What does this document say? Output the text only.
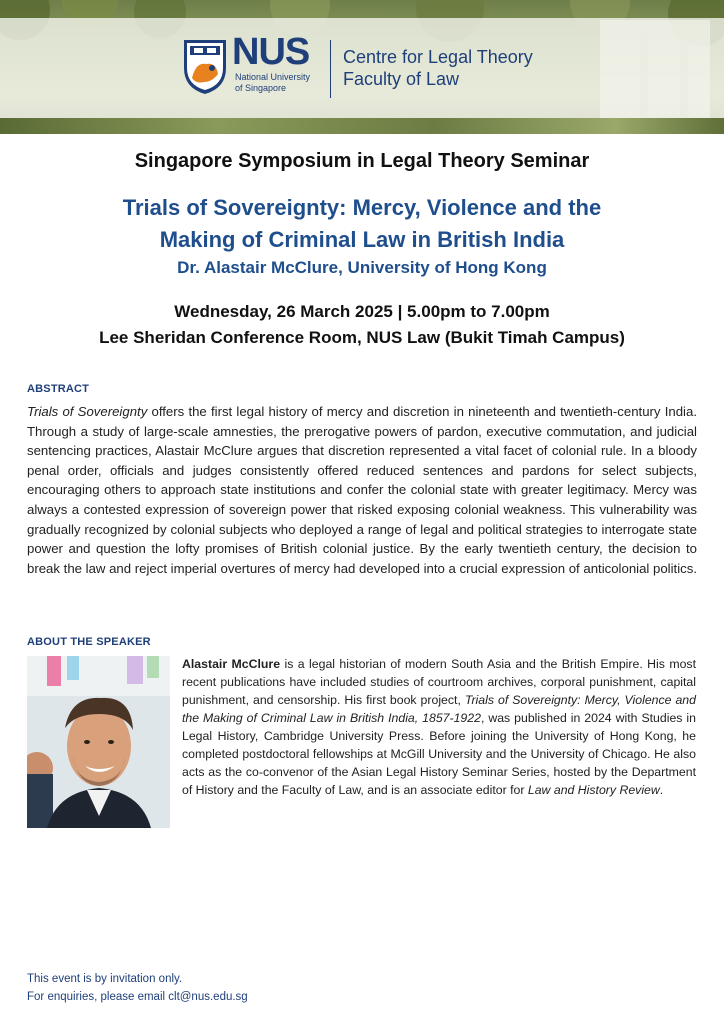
NUS
National University
of Singapore
Centre for Legal Theory
Faculty of Law
Singapore Symposium in Legal Theory Seminar
Trials of Sovereignty: Mercy, Violence and the
Making of Criminal Law in British India
Dr. Alastair McClure, University of Hong Kong
Wednesday, 26 March 2025 | 5.00pm to 7.00pm
Lee Sheridan Conference Room, NUS Law (Bukit Timah Campus)
ABSTRACT
Trials of Sovereignty offers the first legal history of mercy and discretion in nineteenth and twentieth-century India. Through a study of large-scale amnesties, the prerogative powers of pardon, executive commutation, and judicial sentencing practices, Alastair McClure argues that discretion represented a vital facet of colonial rule. In a bloody penal order, officials and judges consistently offered reduced sentences and pardons for select subjects, encouraging others to approach state institutions and confer the colonial state with greater legitimacy. Mercy was always a contested expression of sovereign power that risked exposing colonial weakness. This vulnerability was gradually recognized by colonial subjects who deployed a range of legal and political strategies to interrogate state power and question the lofty promises of British colonial justice. By the early twentieth century, the decision to break the law and reject imperial overtures of mercy had developed into a crucial expression of anticolonial politics.
ABOUT THE SPEAKER
Alastair McClure is a legal historian of modern South Asia and the British Empire. His most recent publications have included studies of courtroom archives, corporal punishment, capital punishment, and censorship. His first book project, Trials of Sovereignty: Mercy, Violence and the Making of Criminal Law in British India, 1857-1922, was published in 2024 with Studies in Legal History, Cambridge University Press. Before joining the University of Hong Kong, he completed postdoctoral fellowships at McGill University and the University of Chicago. He also acts as the co-convenor of the Asian Legal History Seminar Series, hosted by the Department of History and the Faculty of Law, and is an associate editor for Law and History Review.
This event is by invitation only.
For enquiries, please email clt@nus.edu.sg
